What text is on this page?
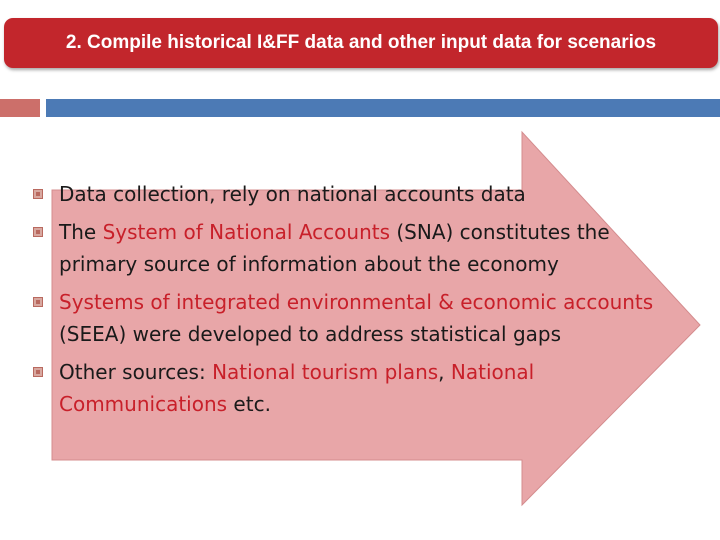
2. Compile historical I&FF data and other input data for scenarios
Data collection, rely on national accounts data
The System of National Accounts (SNA) constitutes the primary source of information about the economy
Systems of integrated environmental & economic accounts (SEEA) were developed to address statistical gaps
Other sources: National tourism plans, National Communications etc.
